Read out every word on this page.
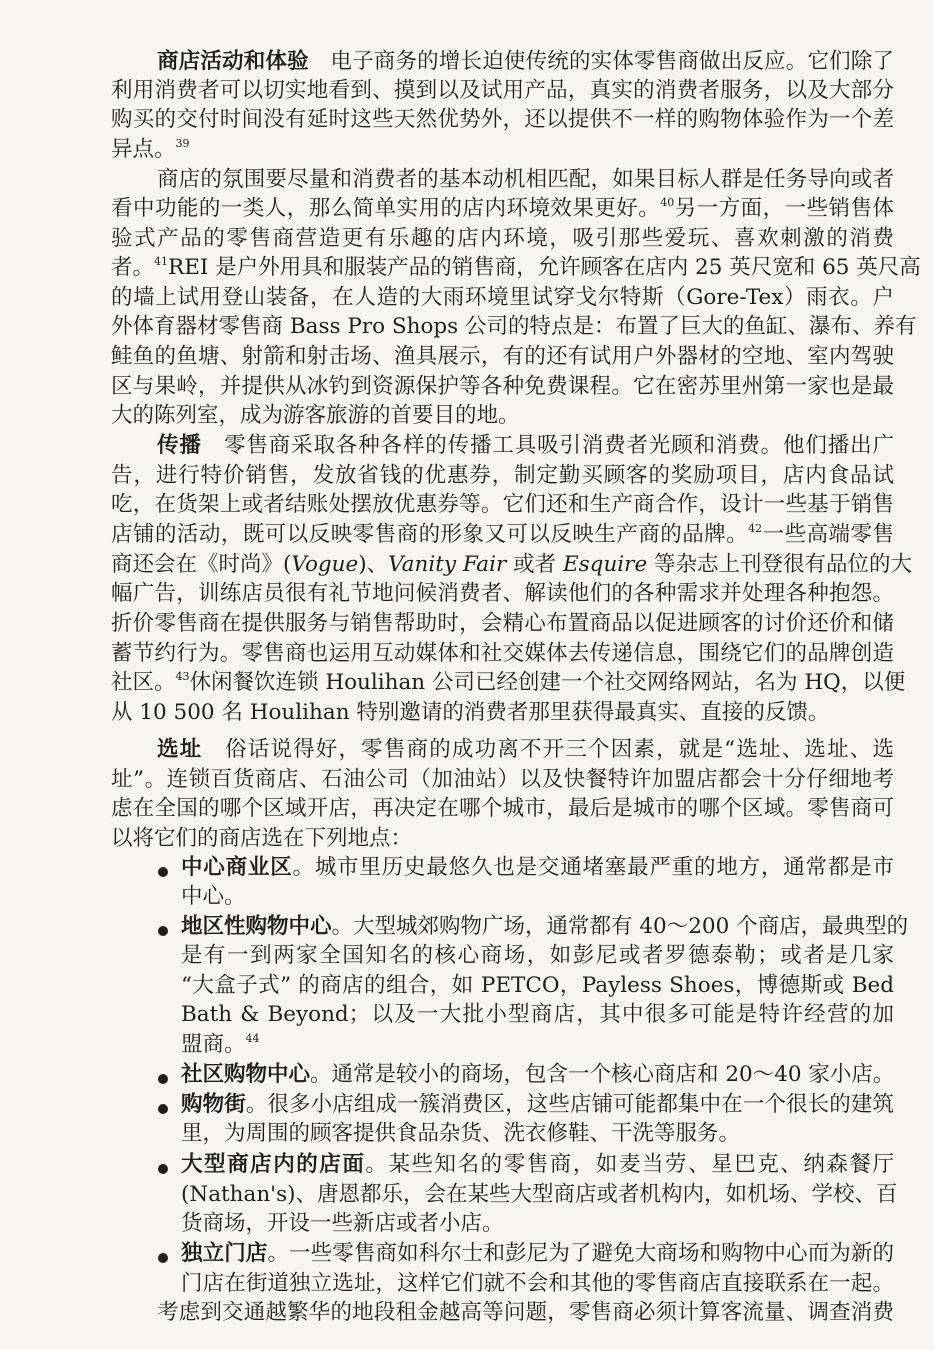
商店活动和体验　电子商务的增长迫使传统的实体零售商做出反应。它们除了
利用消费者可以切实地看到、摸到以及试用产品，真实的消费者服务，以及大部分
购买的交付时间没有延时这些天然优势外，还以提供不一样的购物体验作为一个差
异点。$^{39}$
商店的氛围要尽量和消费者的基本动机相匹配，如果目标人群是任务导向或者
看中功能的一类人，那么简单实用的店内环境效果更好。$^{40}$另一方面，一些销售体
验式产品的零售商营造更有乐趣的店内环境，吸引那些爱玩、喜欢刺激的消费
者。$^{41}$REI 是户外用具和服装产品的销售商，允许顾客在店内 25 英尺宽和 65 英尺高
的墙上试用登山装备，在人造的大雨环境里试穿戈尔特斯（Gore-Tex）雨衣。户
外体育器材零售商 Bass Pro Shops 公司的特点是：布置了巨大的鱼缸、瀑布、养有
鲑鱼的鱼塘、射箭和射击场、渔具展示，有的还有试用户外器材的空地、室内驾驶
区与果岭，并提供从冰钓到资源保护等各种免费课程。它在密苏里州第一家也是最
大的陈列室，成为游客旅游的首要目的地。
传播　零售商采取各种各样的传播工具吸引消费者光顾和消费。他们播出广
告，进行特价销售，发放省钱的优惠券，制定勤买顾客的奖励项目，店内食品试
吃，在货架上或者结账处摆放优惠券等。它们还和生产商合作，设计一些基于销售
店铺的活动，既可以反映零售商的形象又可以反映生产商的品牌。$^{42}$一些高端零售
商还会在《时尚》(Vogue)、Vanity Fair 或者 Esquire 等杂志上刊登很有品位的大
幅广告，训练店员很有礼节地问候消费者、解读他们的各种需求并处理各种抱怨。
折价零售商在提供服务与销售帮助时，会精心布置商品以促进顾客的讨价还价和储
蓄节约行为。零售商也运用互动媒体和社交媒体去传递信息，围绕它们的品牌创造
社区。$^{43}$休闲餐饮连锁 Houlihan 公司已经创建一个社交网络网站，名为 HQ，以便
从 10 500 名 Houlihan 特别邀请的消费者那里获得最真实、直接的反馈。
选址　俗话说得好，零售商的成功离不开三个因素，就是“选址、选址、选
址”。连锁百货商店、石油公司（加油站）以及快餐特许加盟店都会十分仔细地考
虑在全国的哪个区域开店，再决定在哪个城市，最后是城市的哪个区域。零售商可
以将它们的商店选在下列地点：
中心商业区。城市里历史最悠久也是交通堵塞最严重的地方，通常都是市
中心。
地区性购物中心。大型城郊购物广场，通常都有 40～200 个商店，最典型的
是有一到两家全国知名的核心商场，如彭尼或者罗德泰勒；或者是几家
“大盒子式” 的商店的组合，如 PETCO，Payless Shoes，博德斯或 Bed
Bath & Beyond；以及一大批小型商店，其中很多可能是特许经营的加
盟商。$^{44}$
社区购物中心。通常是较小的商场，包含一个核心商店和 20～40 家小店。
购物街。很多小店组成一簇消费区，这些店铺可能都集中在一个很长的建筑
里，为周围的顾客提供食品杂货、洗衣修鞋、干洗等服务。
大型商店内的店面。某些知名的零售商，如麦当劳、星巴克、纳森餐厅
(Nathan's)、唐恩都乐，会在某些大型商店或者机构内，如机场、学校、百
货商场，开设一些新店或者小店。
独立门店。一些零售商如科尔士和彭尼为了避免大商场和购物中心而为新的
门店在街道独立选址，这样它们就不会和其他的零售商店直接联系在一起。
考虑到交通越繁华的地段租金越高等问题，零售商必须计算客流量、调查消费
